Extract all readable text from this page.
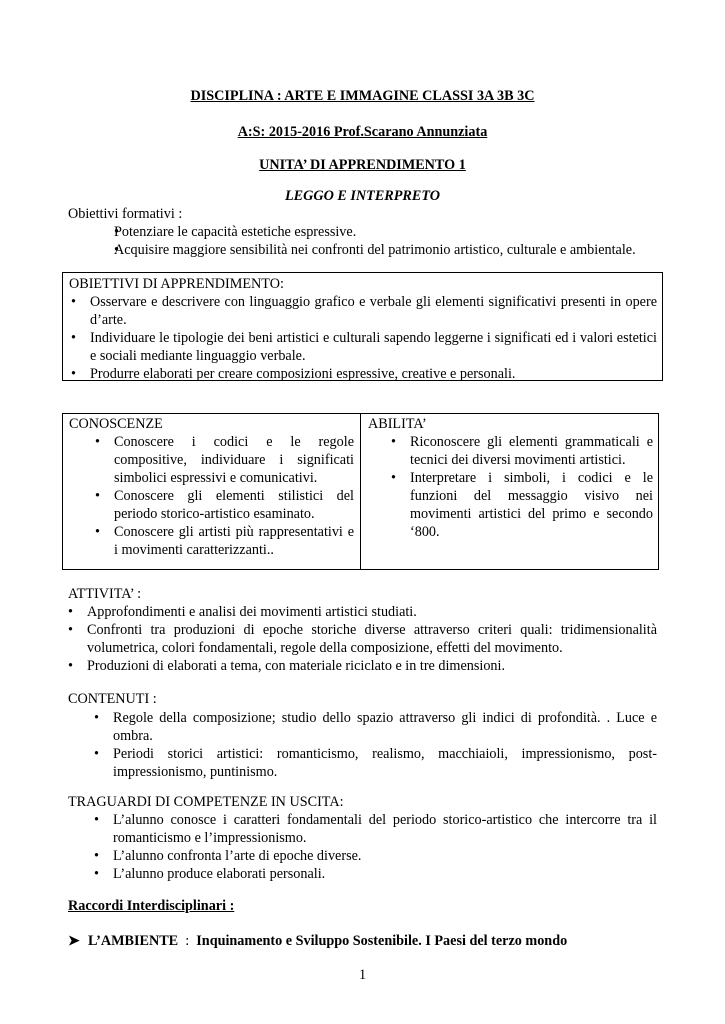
DISCIPLINA : ARTE E IMMAGINE CLASSI 3A 3B 3C
A:S: 2015-2016 Prof.Scarano Annunziata
UNITA’ DI APPRENDIMENTO 1
LEGGO E INTERPRETO
Obiettivi formativi :
• Potenziare le capacità estetiche espressive.
• Acquisire maggiore sensibilità nei confronti del patrimonio artistico, culturale e ambientale.
OBIETTIVI DI APPRENDIMENTO:
• Osservare e descrivere con linguaggio grafico e verbale gli elementi significativi presenti in opere d’arte.
• Individuare le tipologie dei beni artistici e culturali sapendo leggerne i significati ed i valori estetici e sociali mediante linguaggio verbale.
• Produrre elaborati per creare composizioni espressive, creative e personali.
CONOSCENZE
• Conoscere i codici e le regole compositive, individuare i significati simbolici espressivi e comunicativi.
• Conoscere gli elementi stilistici del periodo storico-artistico esaminato.
• Conoscere gli artisti più rappresentativi e i movimenti caratterizzanti..
ABILITA’
• Riconoscere gli elementi grammaticali e tecnici dei diversi movimenti artistici.
• Interpretare i simboli, i codici e le funzioni del messaggio visivo nei movimenti artistici del primo e secondo ‘800.
ATTIVITA’ :
• Approfondimenti e analisi dei movimenti artistici studiati.
• Confronti tra produzioni di epoche storiche diverse attraverso criteri quali: tridimensionalità volumetrica, colori fondamentali, regole della composizione, effetti del movimento.
• Produzioni di elaborati a tema, con materiale riciclato e in tre dimensioni.
CONTENUTI :
• Regole della composizione; studio dello spazio attraverso gli indici di profondità. . Luce e ombra.
• Periodi storici artistici: romanticismo, realismo, macchiaioli, impressionismo, post-impressionismo, puntinismo.
TRAGUARDI DI COMPETENZE IN USCITA:
• L’alunno conosce i caratteri fondamentali del periodo storico-artistico che intercorre tra il romanticismo e l’impressionismo.
• L’alunno confronta l’arte di epoche diverse.
• L’alunno produce elaborati personali.
Raccordi Interdisciplinari :
➤ L’AMBIENTE : Inquinamento e Sviluppo Sostenibile. I Paesi del terzo mondo
1
